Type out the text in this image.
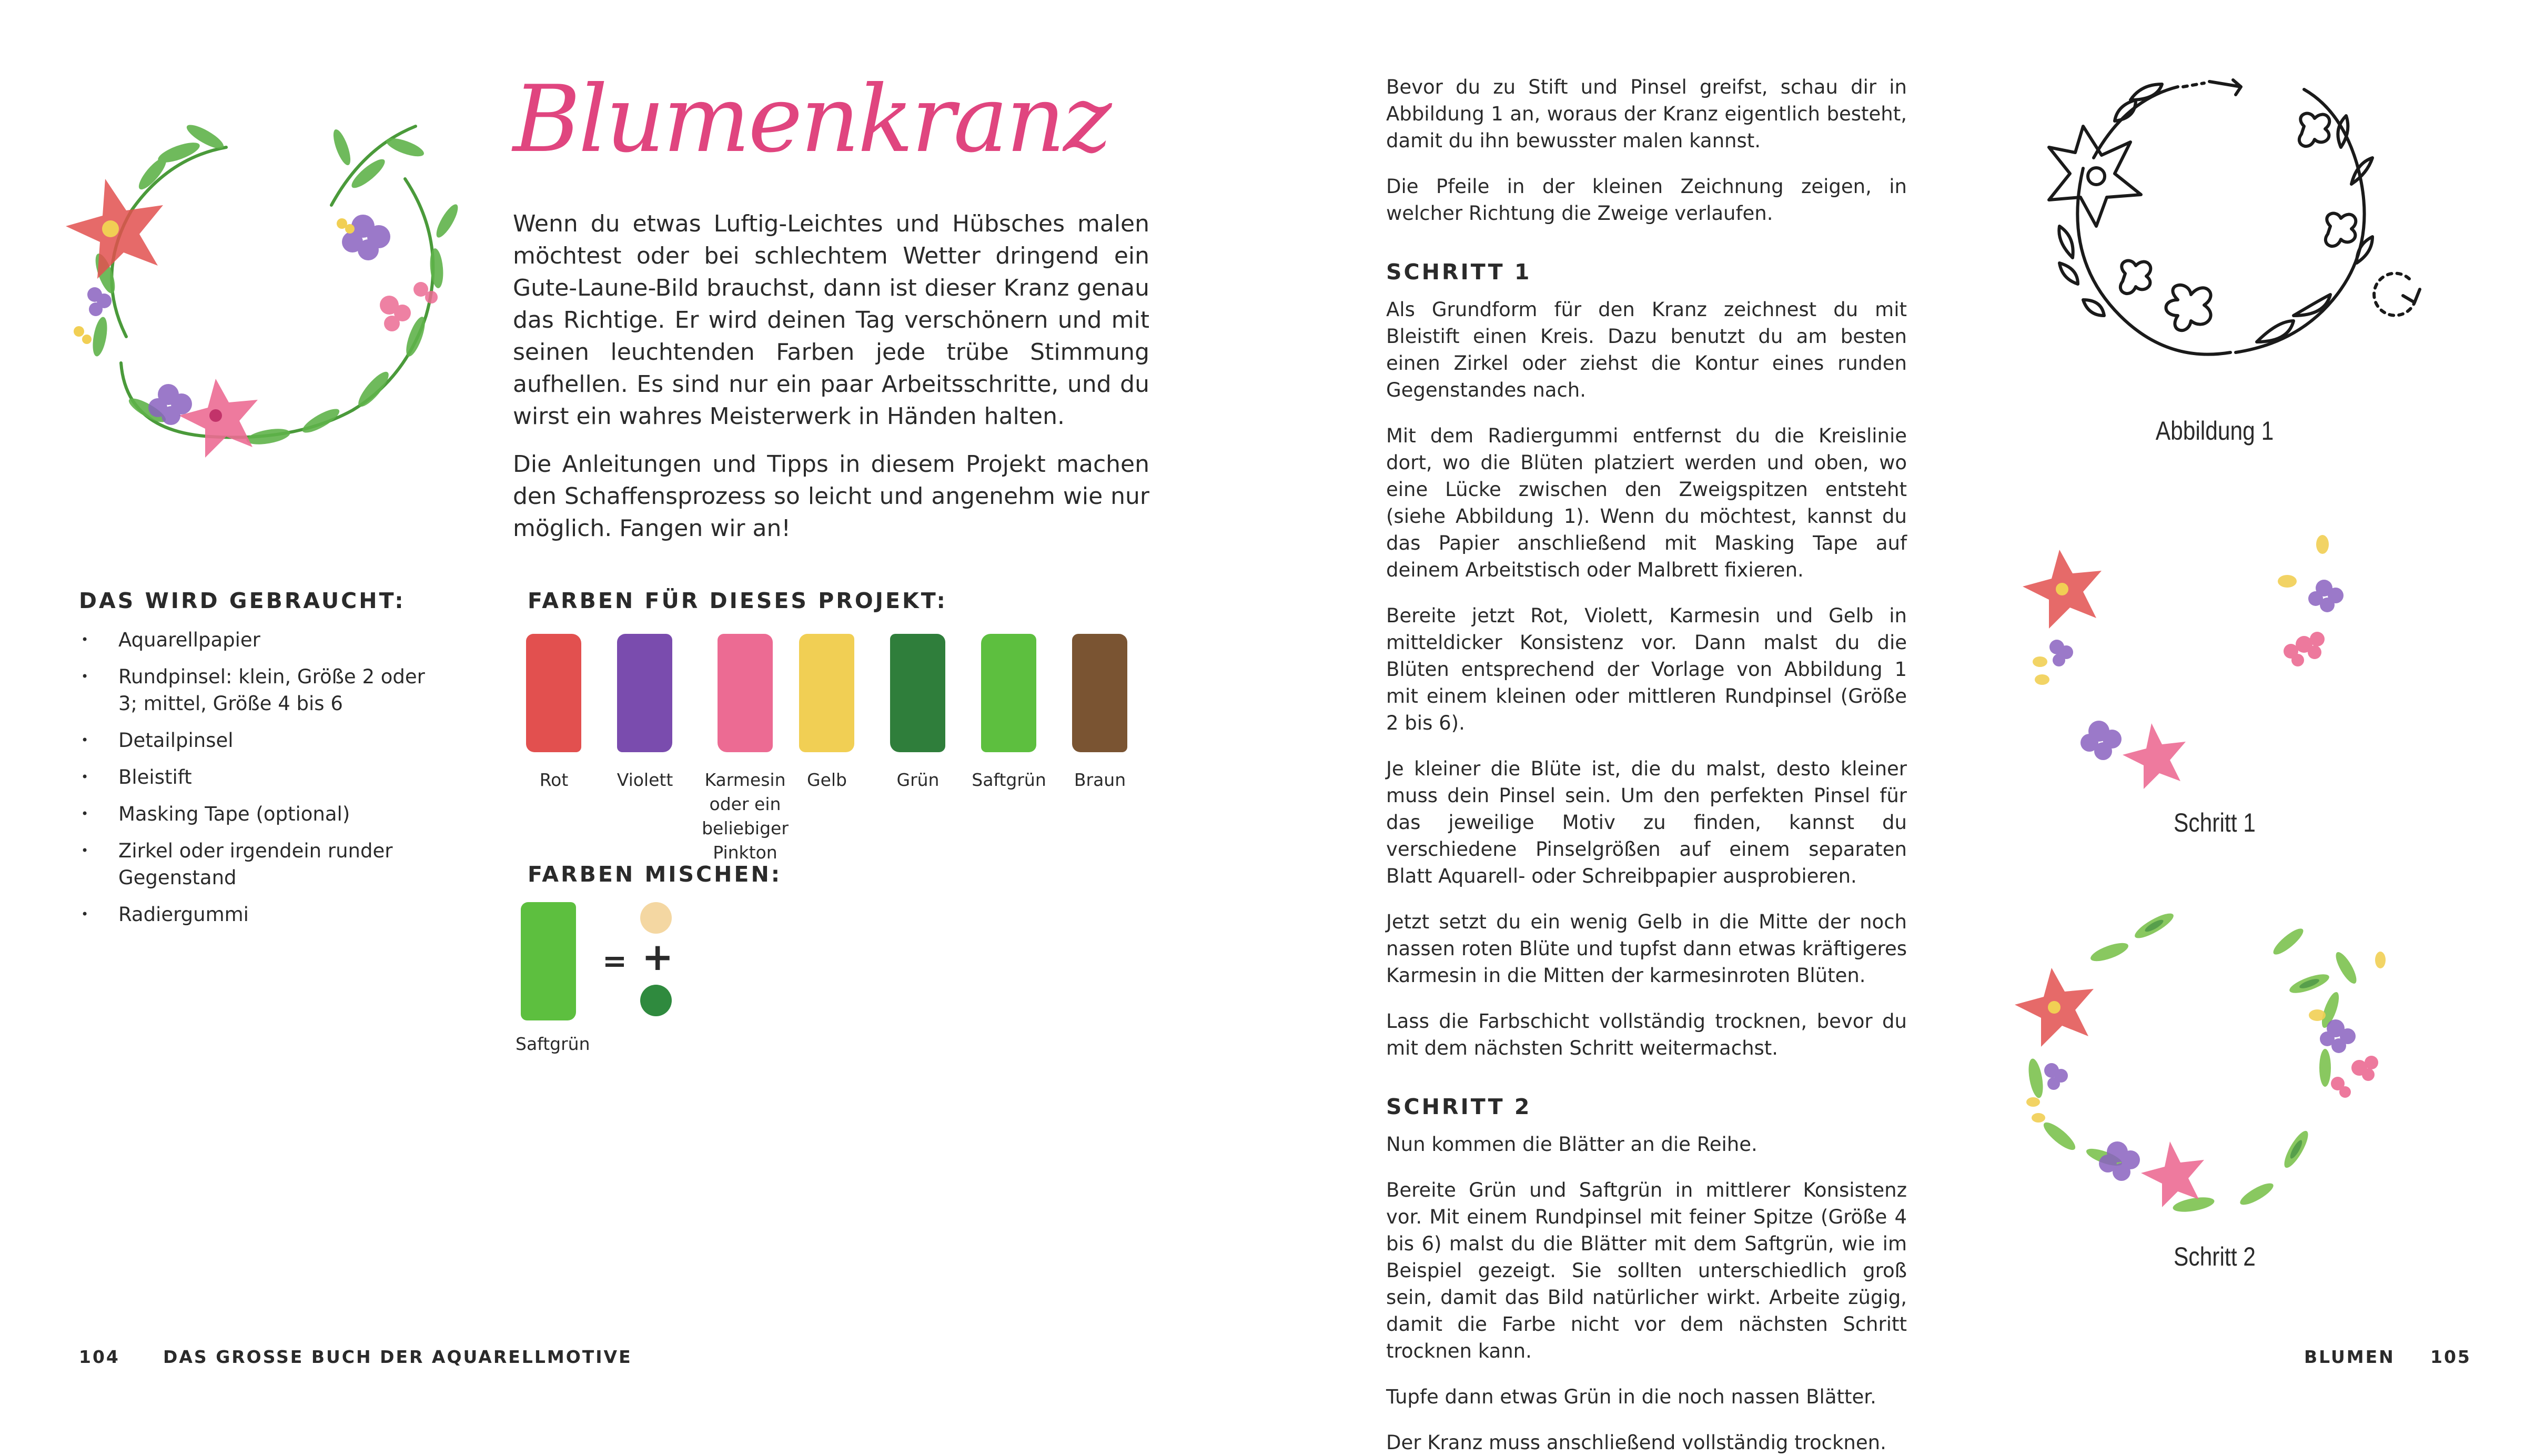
Blumenkranz

Wenn du etwas Luftig-Leichtes und Hübsches malen möchtest oder bei schlechtem Wetter dringend ein Gute-Laune-Bild brauchst, dann ist dieser Kranz genau das Richtige. Er wird deinen Tag verschönern und mit seinen leuchtenden Farben jede trübe Stimmung aufhellen. Es sind nur ein paar Arbeitsschritte, und du wirst ein wahres Meisterwerk in Händen halten.

Die Anleitungen und Tipps in diesem Projekt machen den Schaffensprozess so leicht und angenehm wie nur möglich. Fangen wir an!

DAS WIRD GEBRAUCHT:

• Aquarellpapier
• Rundpinsel: klein, Größe 2 oder 3; mittel, Größe 4 bis 6
• Detailpinsel
• Bleistift
• Masking Tape (optional)
• Zirkel oder irgendein runder Gegenstand
• Radiergummi

FARBEN FÜR DIESES PROJEKT:

Rot	Violett	Karmesin oder ein beliebiger Pinkton
Gelb	Grün	Saftgrün	Braun

FARBEN MISCHEN:

Saftgrün
= +
104 DAS GROSSE BUCH DER AQUARELLMOTIVE

Bevor du zu Stift und Pinsel greifst, schau dir in Abbildung 1 an, woraus der Kranz eigentlich besteht, damit du ihn bewusster malen kannst.

Die Pfeile in der kleinen Zeichnung zeigen, in welcher Richtung die Zweige verlaufen.

SCHRITT 1

Als Grundform für den Kranz zeichnest du mit Bleistift einen Kreis. Dazu benutzt du am besten einen Zirkel oder ziehst die Kontur eines runden Gegenstandes nach.

Mit dem Radiergummi entfernst du die Kreislinie dort, wo die Blüten platziert werden und oben, wo eine Lücke zwischen den Zweigspitzen entsteht (siehe Abbildung 1). Wenn du möchtest, kannst du das Papier anschließend mit Masking Tape auf deinem Arbeitstisch oder Malbrett fixieren.

Bereite jetzt Rot, Violett, Karmesin und Gelb in mitteldicker Konsistenz vor. Dann malst du die Blüten entsprechend der Vorlage von Abbildung 1 mit einem kleinen oder mittleren Rundpinsel (Größe 2 bis 6).

Je kleiner die Blüte ist, die du malst, desto kleiner muss dein Pinsel sein. Um den perfekten Pinsel für das jeweilige Motiv zu finden, kannst du verschiedene Pinselgrößen auf einem separaten Blatt Aquarell- oder Schreibpapier ausprobieren.

Jetzt setzt du ein wenig Gelb in die Mitte der noch nassen roten Blüte und tupfst dann etwas kräftigeres Karmesin in die Mitten der karmesinroten Blüten.

Lass die Farbschicht vollständig trocknen, bevor du mit dem nächsten Schritt weitermachst.

SCHRITT 2

Nun kommen die Blätter an die Reihe.

Bereite Grün und Saftgrün in mittlerer Konsistenz vor. Mit einem Rundpinsel mit feiner Spitze (Größe 4 bis 6) malst du die Blätter mit dem Saftgrün, wie im Beispiel gezeigt. Sie sollten unterschiedlich groß sein, damit das Bild natürlicher wirkt. Arbeite zügig, damit die Farbe nicht vor dem nächsten Schritt trocknen kann.

Tupfe dann etwas Grün in die noch nassen Blätter.

Der Kranz muss anschließend vollständig trocknen.

Abbildung 1
Schritt 1
Schritt 2
BLUMEN 105
